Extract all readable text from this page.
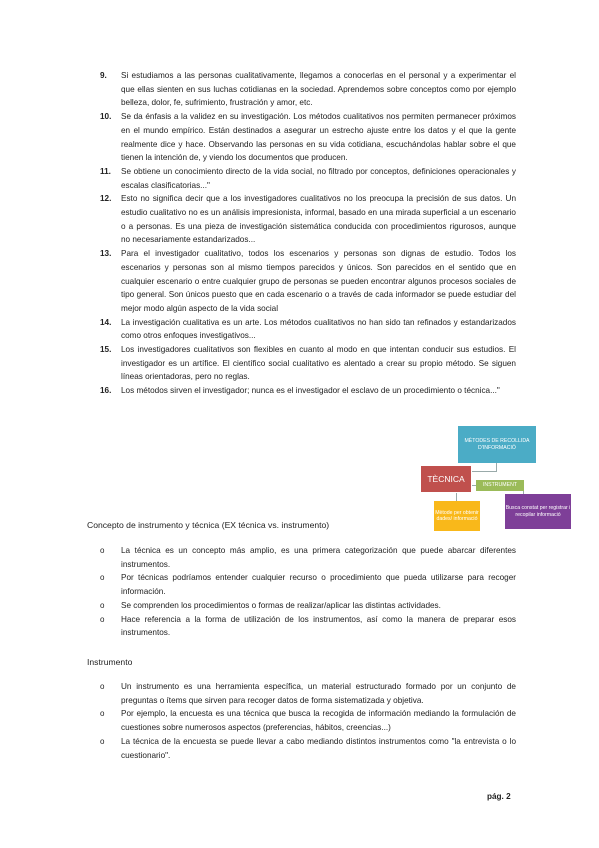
9. Si estudiamos a las personas cualitativamente, llegamos a conocerlas en el personal y a experimentar el que ellas sienten en sus luchas cotidianas en la sociedad. Aprendemos sobre conceptos como por ejemplo belleza, dolor, fe, sufrimiento, frustración y amor, etc.
10. Se da énfasis a la validez en su investigación. Los métodos cualitativos nos permiten permanecer próximos en el mundo empírico. Están destinados a asegurar un estrecho ajuste entre los datos y el que la gente realmente dice y hace. Observando las personas en su vida cotidiana, escuchándolas hablar sobre el que tienen la intención de, y viendo los documentos que producen.
11. Se obtiene un conocimiento directo de la vida social, no filtrado por conceptos, definiciones operacionales y escalas clasificatorias..."
12. Esto no significa decir que a los investigadores cualitativos no los preocupa la precisión de sus datos. Un estudio cualitativo no es un análisis impresionista, informal, basado en una mirada superficial a un escenario o a personas. Es una pieza de investigación sistemática conducida con procedimientos rigurosos, aunque no necesariamente estandarizados...
13. Para el investigador cualitativo, todos los escenarios y personas son dignas de estudio. Todos los escenarios y personas son al mismo tiempos parecidos y únicos. Son parecidos en el sentido que en cualquier escenario o entre cualquier grupo de personas se pueden encontrar algunos procesos sociales de tipo general. Son únicos puesto que en cada escenario o a través de cada informador se puede estudiar del mejor modo algún aspecto de la vida social
14. La investigación cualitativa es un arte. Los métodos cualitativos no han sido tan refinados y estandarizados como otros enfoques investigativos...
15. Los investigadores cualitativos son flexibles en cuanto al modo en que intentan conducir sus estudios. El investigador es un artífice. El científico social cualitativo es alentado a crear su propio método. Se siguen líneas orientadoras, pero no reglas.
16. Los métodos sirven el investigador; nunca es el investigador el esclavo de un procedimiento o técnica..."
MÈTODES DE RECOLLIDA D'INFORMACIÓ
TÈCNICA
INSTRUMENT
Mètode per obtenir dades/ informació
Busca constat per registrar i recopilar informació
Concepto de instrumento y técnica (EX técnica vs. instrumento)
o La técnica es un concepto más amplio, es una primera categorización que puede abarcar diferentes instrumentos.
o Por técnicas podríamos entender cualquier recurso o procedimiento que pueda utilizarse para recoger información.
o Se comprenden los procedimientos o formas de realizar/aplicar las distintas actividades.
o Hace referencia a la forma de utilización de los instrumentos, así como la manera de preparar esos instrumentos.
Instrumento
o Un instrumento es una herramienta específica, un material estructurado formado por un conjunto de preguntas o ítems que sirven para recoger datos de forma sistematizada y objetiva.
o Por ejemplo, la encuesta es una técnica que busca la recogida de información mediando la formulación de cuestiones sobre numerosos aspectos (preferencias, hábitos, creencias...)
o La técnica de la encuesta se puede llevar a cabo mediando distintos instrumentos como "la entrevista o lo cuestionario".
pág. 2
